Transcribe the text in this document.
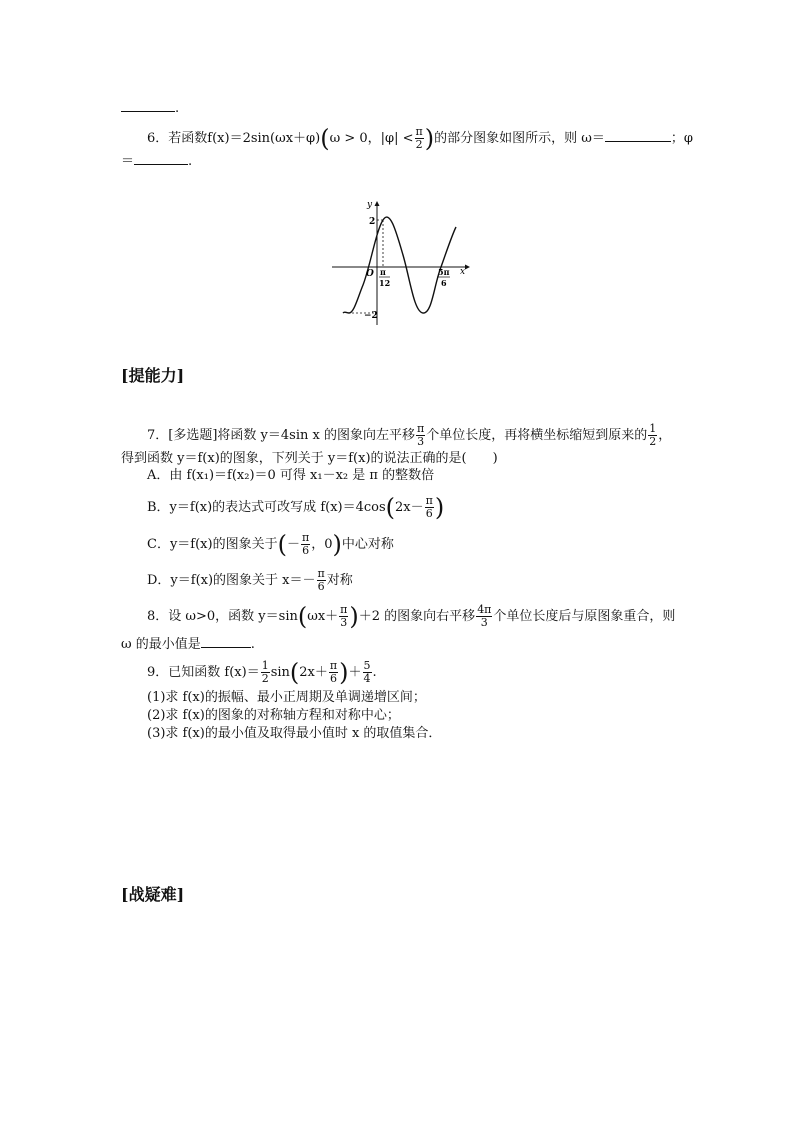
.
6．若函数f(x)＝2sin(ωx＋φ)(ω > 0，$|\varphi| < \frac{\pi}{2}$ )的部分图象如图所示，则 ω＝	；φ
＝	.
y
x
O
2
−2
π
12
5π
6
[提能力]
7．[多选题]将函数 y＝4sin x 的图象向左平移 $\frac{\pi}{3}$ 个单位长度，再将横坐标缩短到原来的 $\frac{1}{2}$ ，
得到函数 y＝f(x)的图象，下列关于 y＝f(x)的说法正确的是(　　)
A．由 f(x₁)＝f(x₂)＝0 可得 x₁－x₂ 是 π 的整数倍
B．y＝f(x)的表达式可改写成 $f(x)=4\cos(2x- \frac{\pi}{6}$ )
C．y＝f(x)的图象关于(－ $\frac{\pi}{6}$ ，0)中心对称
D．y＝f(x)的图象关于 $x=- \frac{\pi}{6}$ 对称
8．设 ω>0，函数 $y=\sin(\omega x+ \frac{\pi}{3} )+2$ 的图象向右平移 $\frac{4\pi}{3}$ 个单位长度后与原图象重合，则
ω 的最小值是	.
9．已知函数 $f(x)= \frac{1}{2} \sin(2x+ \frac{\pi}{6}$ )＋ $\frac{5}{4}$ .
(1)求 f(x)的振幅、最小正周期及单调递增区间；
(2)求 f(x)的图象的对称轴方程和对称中心；
(3)求 f(x)的最小值及取得最小值时 x 的取值集合．
[战疑难]
